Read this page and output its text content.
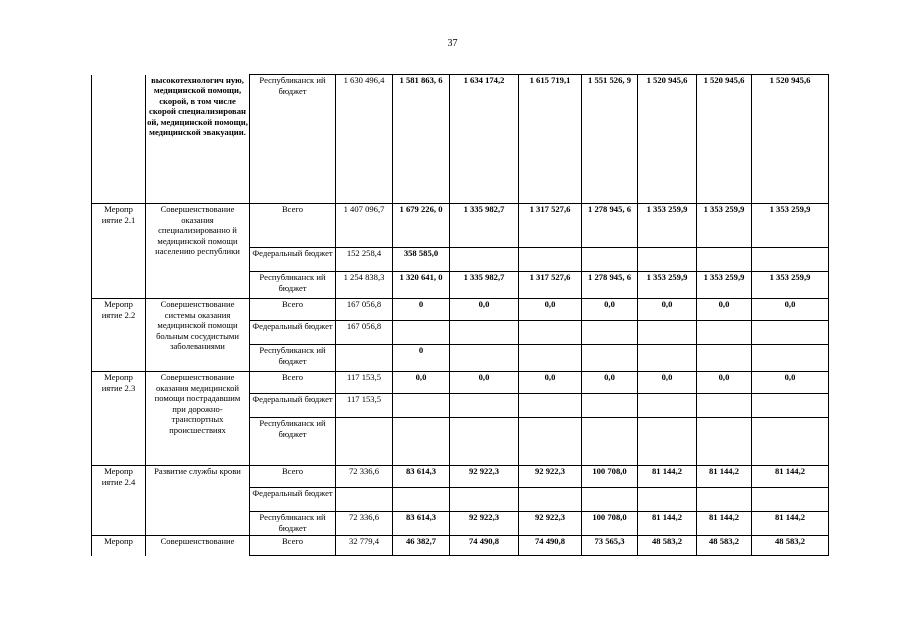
37
	высокотехнологич ную, медицинской помощи, скорой, в том числе скорой специализирован ой, медицинской помощи, медицинской эвакуации.	Республиканск ий бюджет	1 630 496,4	1 581 863, 6	1 634 174,2	1 615 719,1	1 551 526, 9	1 520 945,6	1 520 945,6	1 520 945,6
Меропр иятие 2.1	Совершенствование оказания специализированно й медицинской помощи населению республики	Всего	1 407 096,7	1 679 226, 0	1 335 982,7	1 317 527,6	1 278 945, 6	1 353 259,9	1 353 259,9	1 353 259,9
		Федеральный бюджет	152 258,4	358 585,0						
		Республиканск ий бюджет	1 254 838,3	1 320 641, 0	1 335 982,7	1 317 527,6	1 278 945, 6	1 353 259,9	1 353 259,9	1 353 259,9
Меропр иятие 2.2	Совершенствование системы оказания медицинской помощи больным сосудистыми заболеваниями	Всего	167 056,8	0	0,0	0,0	0,0	0,0	0,0	0,0
		Федеральный бюджет	167 056,8							
		Республиканск ий бюджет		0						
Меропр иятие 2.3	Совершенствование оказания медицинской помощи пострадавшим при дорожно-транспортных происшествиях	Всего	117 153,5	0,0	0,0	0,0	0,0	0,0	0,0	0,0
		Федеральный бюджет	117 153,5							
		Республиканск ий бюджет								
Меропр иятие 2.4	Развитие службы крови	Всего	72 336,6	83 614,3	92 922,3	92 922,3	100 708,0	81 144,2	81 144,2	81 144,2
		Федеральный бюджет								
		Республиканск ий бюджет	72 336,6	83 614,3	92 922,3	92 922,3	100 708,0	81 144,2	81 144,2	81 144,2
Меропр	Совершенствование	Всего	32 779,4	46 382,7	74 490,8	74 490,8	73 565,3	48 583,2	48 583,2	48 583,2
